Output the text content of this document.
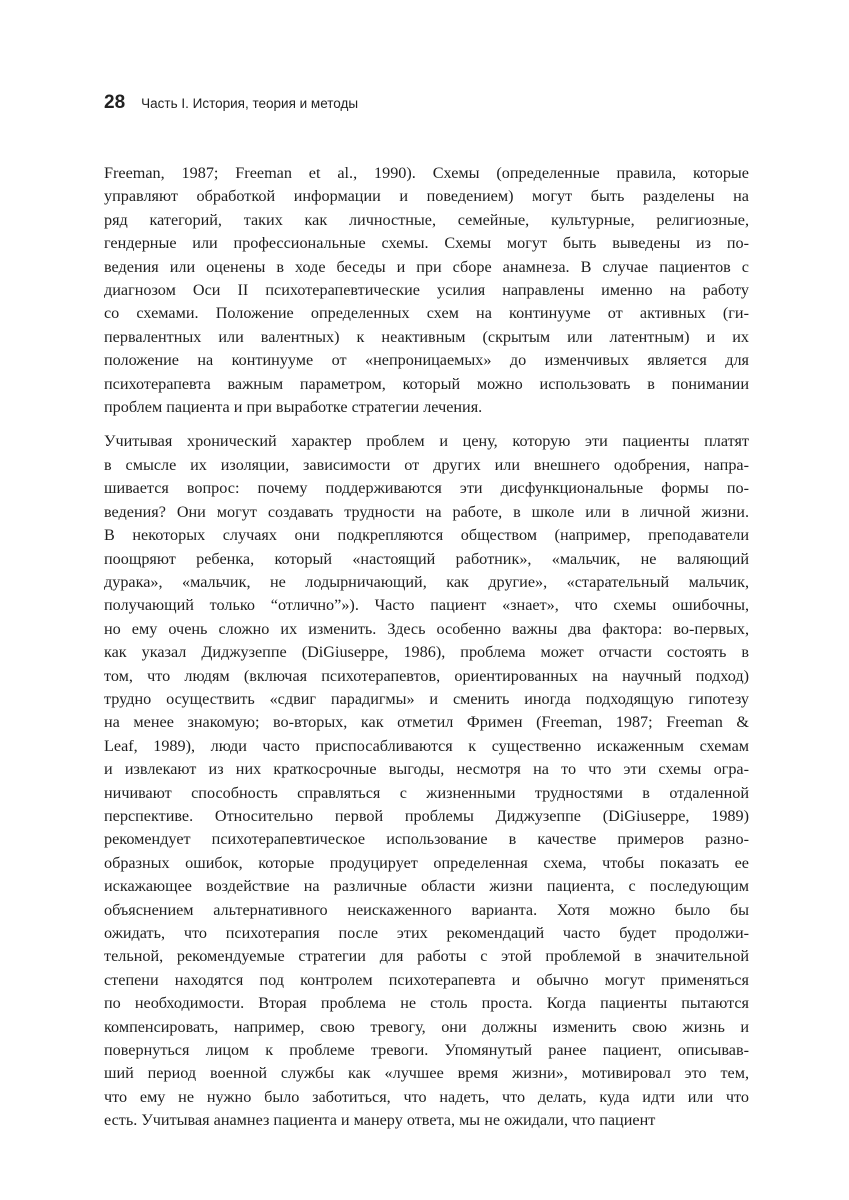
28 Часть I. История, теория и методы

Freeman, 1987; Freeman et al., 1990). Схемы (определенные правила, которые
управляют обработкой информации и поведением) могут быть разделены на
ряд категорий, таких как личностные, семейные, культурные, религиозные,
гендерные или профессиональные схемы. Схемы могут быть выведены из по-
ведения или оценены в ходе беседы и при сборе анамнеза. В случае пациентов с
диагнозом Оси II психотерапевтические усилия направлены именно на работу
со схемами. Положение определенных схем на континууме от активных (ги-
первалентных или валентных) к неактивным (скрытым или латентным) и их
положение на континууме от «непроницаемых» до изменчивых является для
психотерапевта важным параметром, который можно использовать в понимании
проблем пациента и при выработке стратегии лечения.

Учитывая хронический характер проблем и цену, которую эти пациенты платят
в смысле их изоляции, зависимости от других или внешнего одобрения, напра-
шивается вопрос: почему поддерживаются эти дисфункциональные формы по-
ведения? Они могут создавать трудности на работе, в школе или в личной жизни.
В некоторых случаях они подкрепляются обществом (например, преподаватели
поощряют ребенка, который «настоящий работник», «мальчик, не валяющий
дурака», «мальчик, не лодырничающий, как другие», «старательный мальчик,
получающий только “отлично”»). Часто пациент «знает», что схемы ошибочны,
но ему очень сложно их изменить. Здесь особенно важны два фактора: во-первых,
как указал Диджузеппе (DiGiuseppe, 1986), проблема может отчасти состоять в
том, что людям (включая психотерапевтов, ориентированных на научный подход)
трудно осуществить «сдвиг парадигмы» и сменить иногда подходящую гипотезу
на менее знакомую; во-вторых, как отметил Фримен (Freeman, 1987; Freeman &
Leaf, 1989), люди часто приспосабливаются к существенно искаженным схемам
и извлекают из них краткосрочные выгоды, несмотря на то что эти схемы огра-
ничивают способность справляться с жизненными трудностями в отдаленной
перспективе. Относительно первой проблемы Диджузеппе (DiGiuseppe, 1989)
рекомендует психотерапевтическое использование в качестве примеров разно-
образных ошибок, которые продуцирует определенная схема, чтобы показать ее
искажающее воздействие на различные области жизни пациента, с последующим
объяснением альтернативного неискаженного варианта. Хотя можно было бы
ожидать, что психотерапия после этих рекомендаций часто будет продолжи-
тельной, рекомендуемые стратегии для работы с этой проблемой в значительной
степени находятся под контролем психотерапевта и обычно могут применяться
по необходимости. Вторая проблема не столь проста. Когда пациенты пытаются
компенсировать, например, свою тревогу, они должны изменить свою жизнь и
повернуться лицом к проблеме тревоги. Упомянутый ранее пациент, описывав-
ший период военной службы как «лучшее время жизни», мотивировал это тем,
что ему не нужно было заботиться, что надеть, что делать, куда идти или что
есть. Учитывая анамнез пациента и манеру ответа, мы не ожидали, что пациент
